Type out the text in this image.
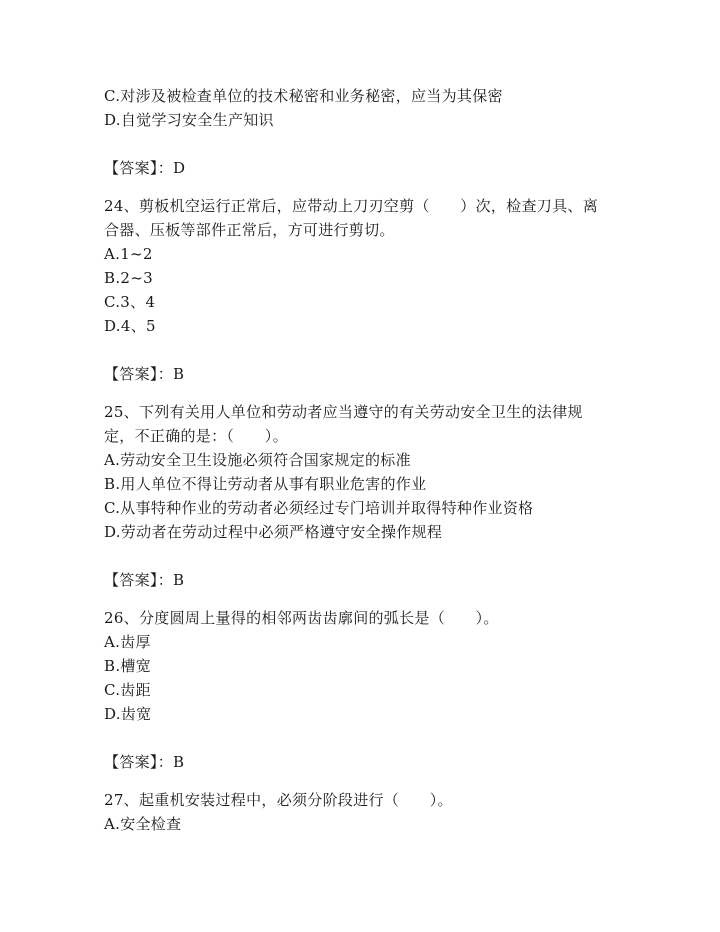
C.对涉及被检查单位的技术秘密和业务秘密，应当为其保密
D.自觉学习安全生产知识
【答案】：D
24、剪板机空运行正常后，应带动上刀刃空剪（　　）次，检查刀具、离合器、压板等部件正常后，方可进行剪切。
A.1~2
B.2~3
C.3、4
D.4、5
【答案】：B
25、下列有关用人单位和劳动者应当遵守的有关劳动安全卫生的法律规定，不正确的是：（　　）。
A.劳动安全卫生设施必须符合国家规定的标准
B.用人单位不得让劳动者从事有职业危害的作业
C.从事特种作业的劳动者必须经过专门培训并取得特种作业资格
D.劳动者在劳动过程中必须严格遵守安全操作规程
【答案】：B
26、分度圆周上量得的相邻两齿齿廓间的弧长是（　　）。
A.齿厚
B.槽宽
C.齿距
D.齿宽
【答案】：B
27、起重机安装过程中，必须分阶段进行（　　）。
A.安全检查
